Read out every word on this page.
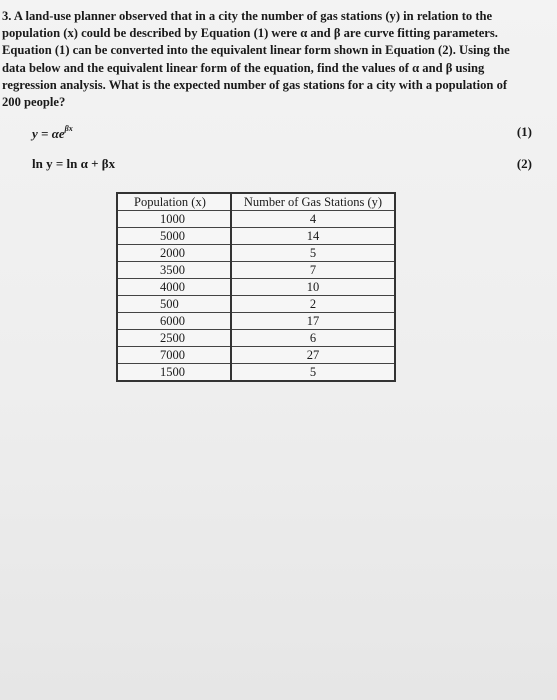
3. A land-use planner observed that in a city the number of gas stations (y) in relation to the
population (x) could be described by Equation (1) were α and β are curve fitting parameters.
Equation (1) can be converted into the equivalent linear form shown in Equation (2). Using the
data below and the equivalent linear form of the equation, find the values of α and β using
regression analysis. What is the expected number of gas stations for a city with a population of
200 people?
$y = \alpha e^{\beta x}$	(1)
ln y = ln α + βx	(2)
Population (x)	Number of Gas Stations (y)
1000	4
5000	14
2000	5
3500	7
4000	10
500	2
6000	17
2500	6
7000	27
1500	5
